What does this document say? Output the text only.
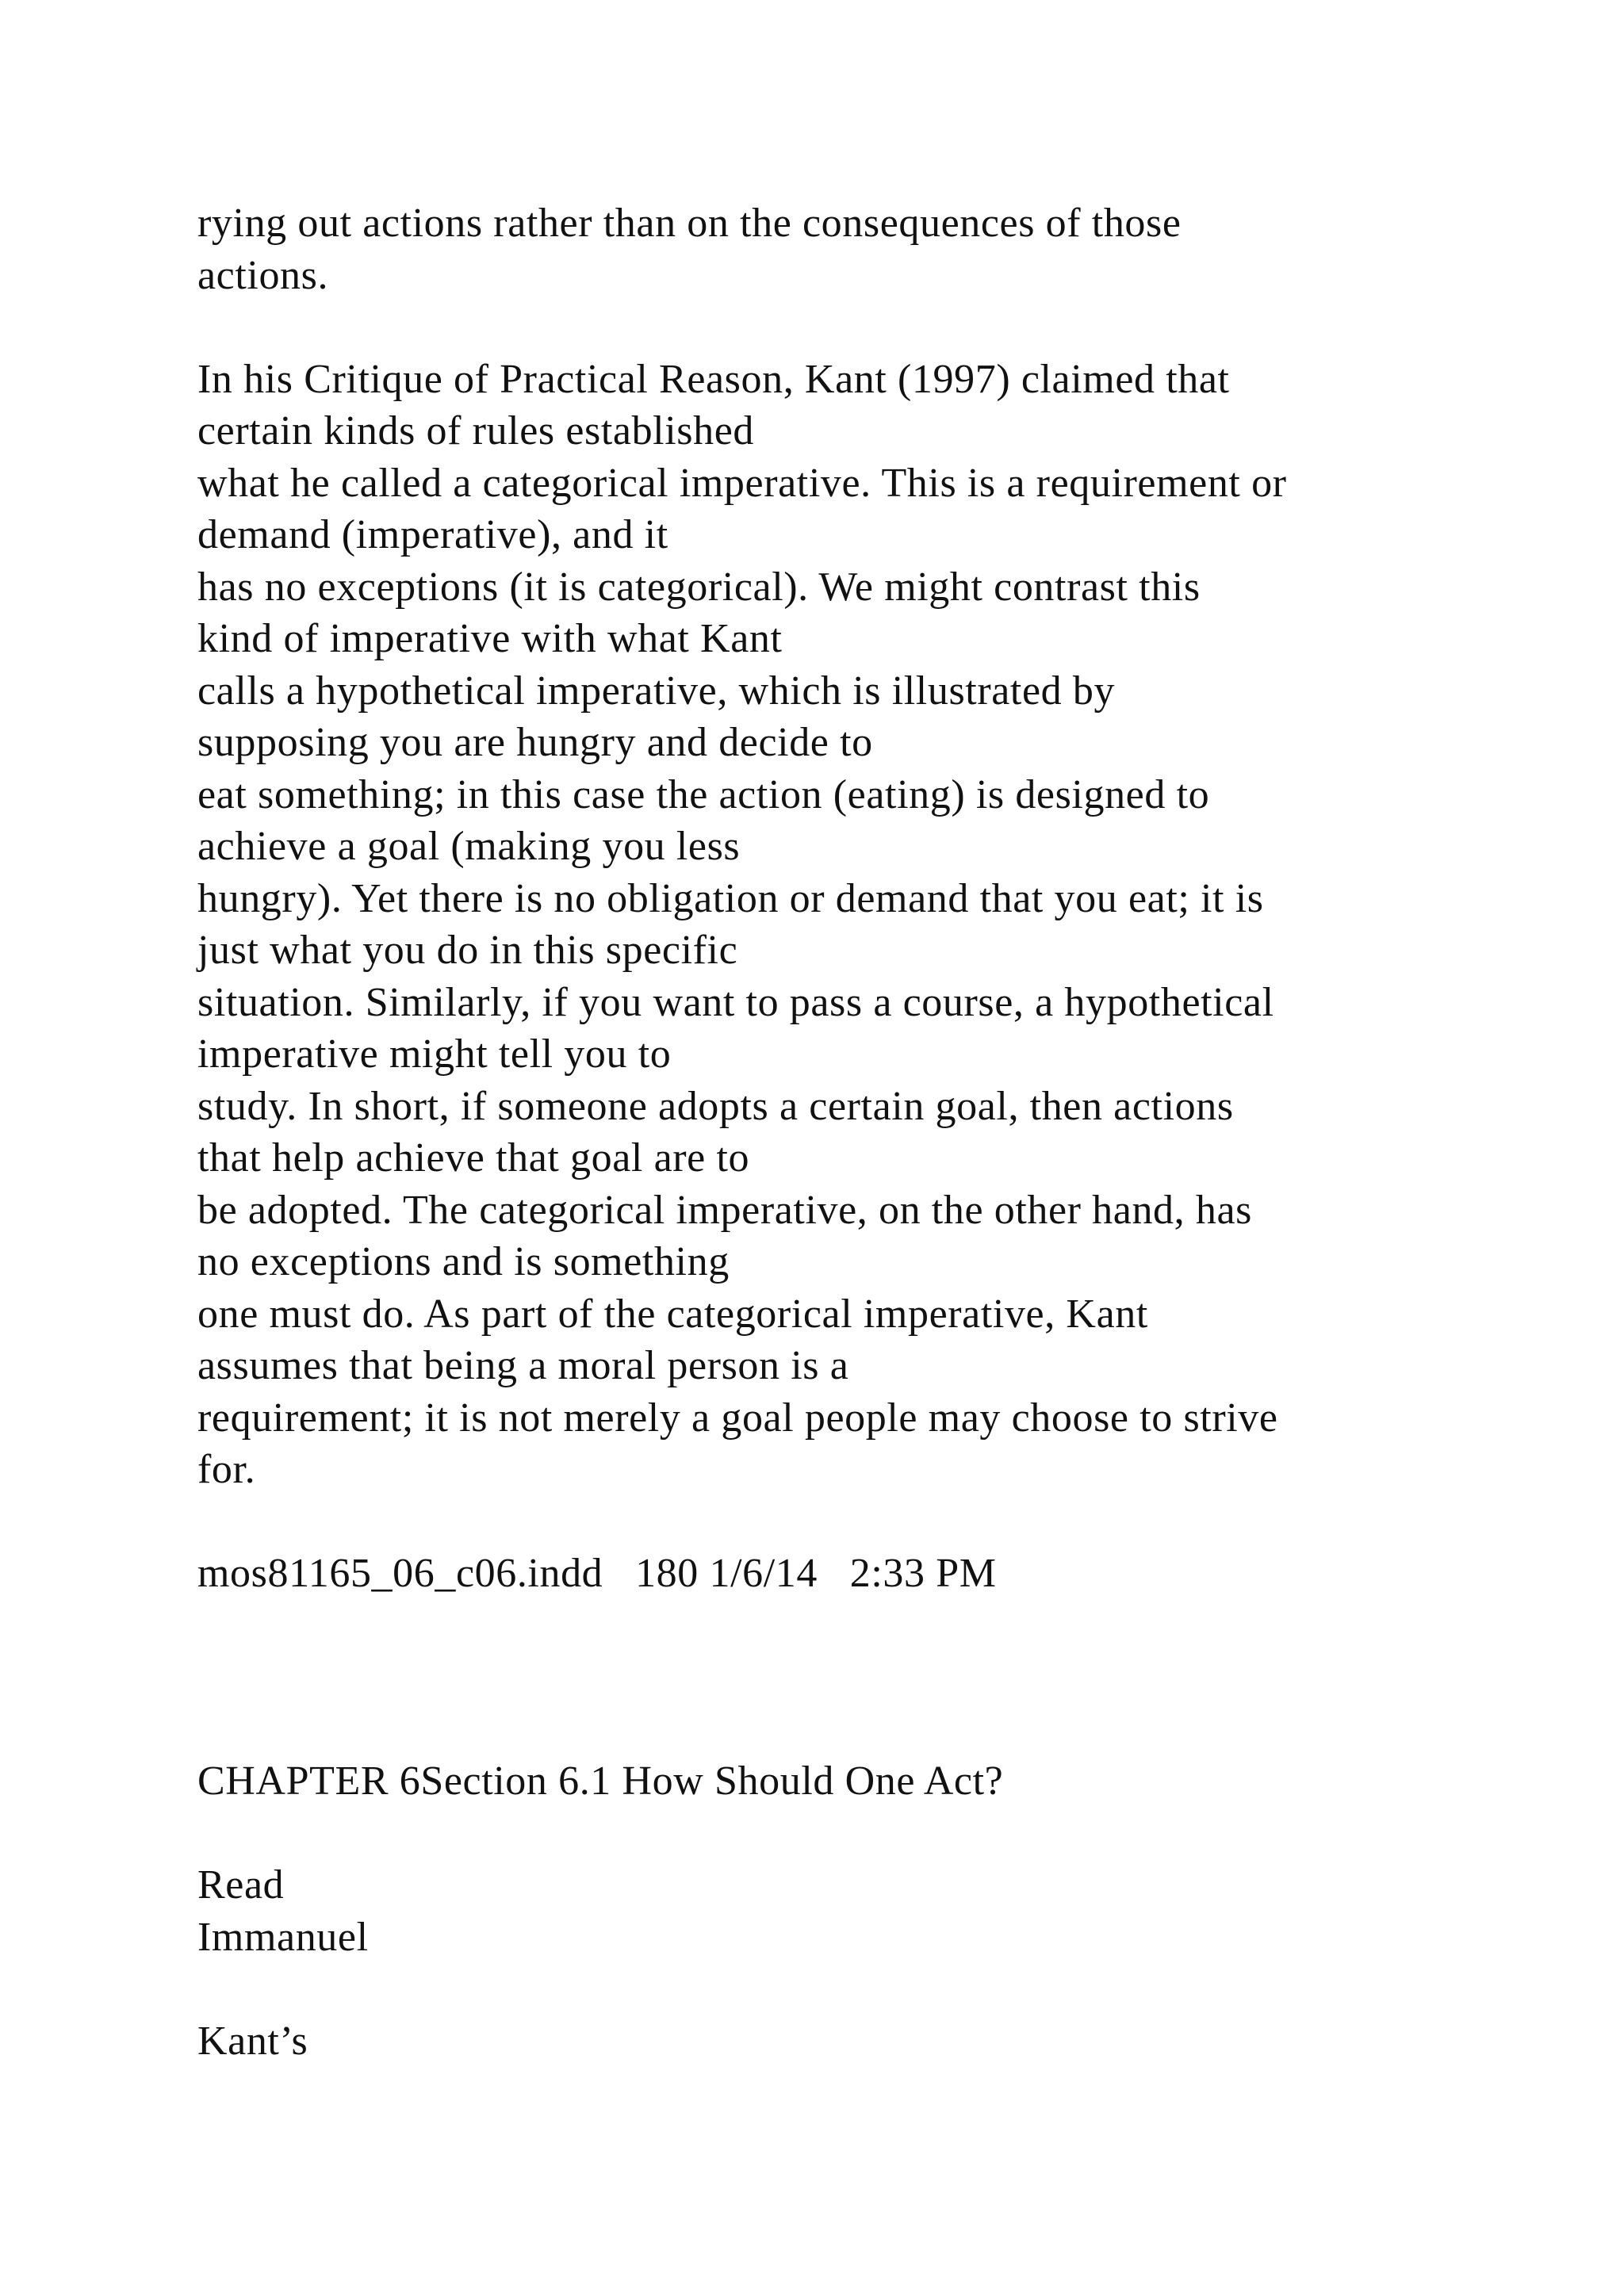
rying out actions rather than on the consequences of those
actions.
In his Critique of Practical Reason, Kant (1997) claimed that
certain kinds of rules established
what he called a categorical imperative. This is a requirement or
demand (imperative), and it
has no exceptions (it is categorical). We might contrast this
kind of imperative with what Kant
calls a hypothetical imperative, which is illustrated by
supposing you are hungry and decide to
eat something; in this case the action (eating) is designed to
achieve a goal (making you less
hungry). Yet there is no obligation or demand that you eat; it is
just what you do in this specific
situation. Similarly, if you want to pass a course, a hypothetical
imperative might tell you to
study. In short, if someone adopts a certain goal, then actions
that help achieve that goal are to
be adopted. The categorical imperative, on the other hand, has
no exceptions and is something
one must do. As part of the categorical imperative, Kant
assumes that being a moral person is a
requirement; it is not merely a goal people may choose to strive
for.
mos81165_06_c06.indd   180 1/6/14   2:33 PM
CHAPTER 6Section 6.1 How Should One Act?
Read
Immanuel
Kant’s
